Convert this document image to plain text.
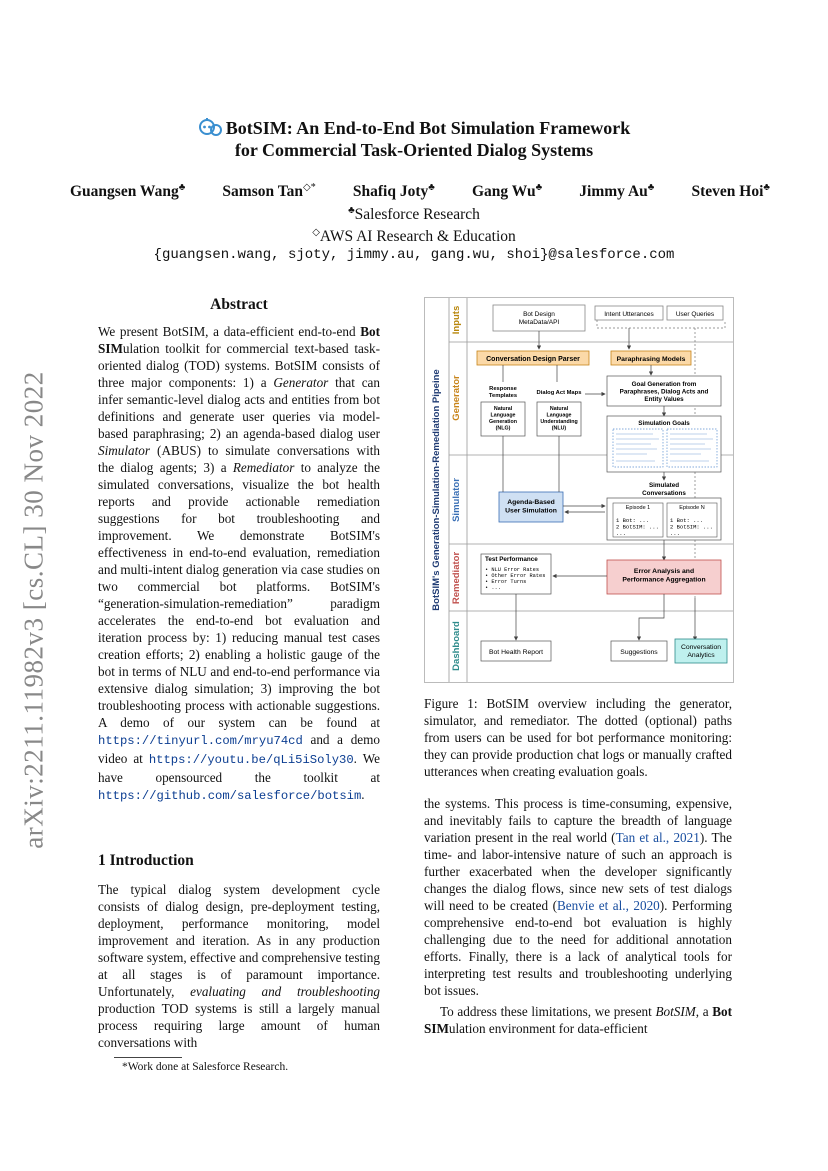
arXiv:2211.11982v3 [cs.CL] 30 Nov 2022
BotSIM: An End-to-End Bot Simulation Framework
for Commercial Task-Oriented Dialog Systems
Guangsen Wang♣ Samson Tan◇* Shafiq Joty♣ Gang Wu♣ Jimmy Au♣ Steven Hoi♣
♣Salesforce Research
◇AWS AI Research & Education
{guangsen.wang, sjoty, jimmy.au, gang.wu, shoi}@salesforce.com
Abstract

We present BotSIM, a data-efficient end-to-end Bot SIMulation toolkit for commercial text-based task-oriented dialog (TOD) systems. BotSIM consists of three major components: 1) a Generator that can infer semantic-level dialog acts and entities from bot definitions and generate user queries via model-based paraphrasing; 2) an agenda-based dialog user Simulator (ABUS) to simulate conversations with the dialog agents; 3) a Remediator to analyze the simulated conversations, visualize the bot health reports and provide actionable remediation suggestions for bot troubleshooting and improvement. We demonstrate BotSIM's effectiveness in end-to-end evaluation, remediation and multi-intent dialog generation via case studies on two commercial bot platforms. BotSIM's “generation-simulation-remediation” paradigm accelerates the end-to-end bot evaluation and iteration process by: 1) reducing manual test cases creation efforts; 2) enabling a holistic gauge of the bot in terms of NLU and end-to-end performance via extensive dialog simulation; 3) improving the bot troubleshooting process with actionable suggestions. A demo of our system can be found at https://tinyurl.com/mryu74cd and a demo video at https://youtu.be/qLi5iSoly30. We have opensourced the toolkit at https://github.com/salesforce/botsim.

1 Introduction

The typical dialog system development cycle consists of dialog design, pre-deployment testing, deployment, performance monitoring, model improvement and iteration. As in any production software system, effective and comprehensive testing at all stages is of paramount importance. Unfortunately, evaluating and troubleshooting production TOD systems is still a largely manual process requiring large amount of human conversations with

*Work done at Salesforce Research.
BotSIM's Generation-Simulation-Remediation Pipeine
Inputs
Generator
Simulator
Remediator
Dashboard
Bot Design MetaData/API
Intent Utterances	User Queries
Conversation Design Parser	Paraphrasing Models
Response Templates	Dialog Act Maps
Natural Language Generation (NLG)
Natural Language Understanding (NLU)
Goal Generation from Paraphrases, Dialog Acts and Entity Values
Simulation Goals
Simulated Conversations
Episode 1
1 Bot: ... 2 BotSIM: ... ...
Episode N
1 Bot: ... 2 BotSIM: ... ...
Agenda-Based User Simulation
Test Performance
• NLU Error Rates • Other Error Rates • Error Turns • ...
Error Analysis and Performance Aggregation
Bot Health Report	Suggestions
Conversation Analytics
Figure 1: BotSIM overview including the generator, simulator, and remediator. The dotted (optional) paths from users can be used for bot performance monitoring: they can provide production chat logs or manually crafted utterances when creating evaluation goals.

the systems. This process is time-consuming, expensive, and inevitably fails to capture the breadth of language variation present in the real world (Tan et al., 2021). The time- and labor-intensive nature of such an approach is further exacerbated when the developer significantly changes the dialog flows, since new sets of test dialogs will need to be created (Benvie et al., 2020). Performing comprehensive end-to-end bot evaluation is highly challenging due to the need for additional annotation efforts. Finally, there is a lack of analytical tools for interpreting test results and troubleshooting underlying bot issues.

To address these limitations, we present BotSIM, a Bot SIMulation environment for data-efficient
